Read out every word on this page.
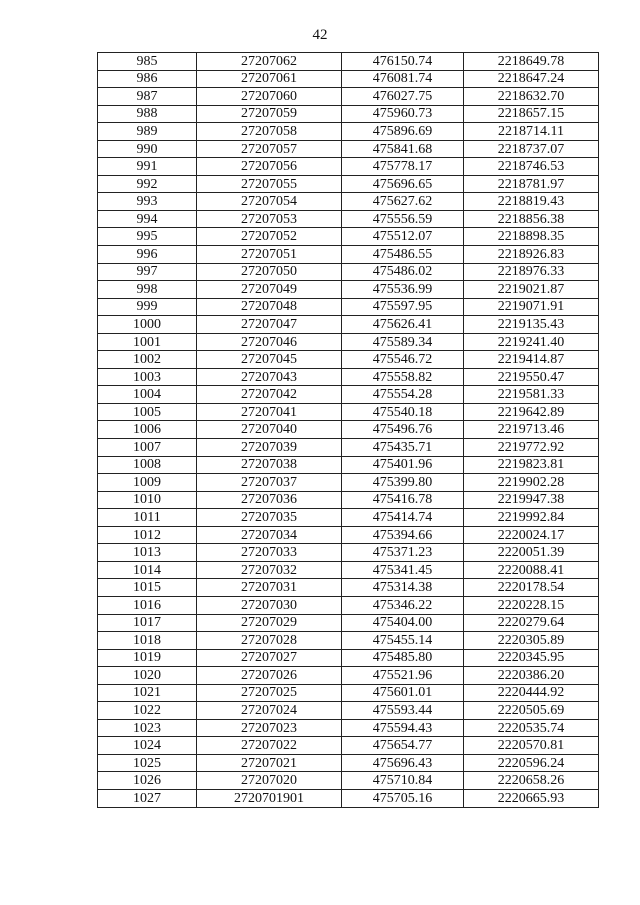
42
985	27207062	476150.74	2218649.78
986	27207061	476081.74	2218647.24
987	27207060	476027.75	2218632.70
988	27207059	475960.73	2218657.15
989	27207058	475896.69	2218714.11
990	27207057	475841.68	2218737.07
991	27207056	475778.17	2218746.53
992	27207055	475696.65	2218781.97
993	27207054	475627.62	2218819.43
994	27207053	475556.59	2218856.38
995	27207052	475512.07	2218898.35
996	27207051	475486.55	2218926.83
997	27207050	475486.02	2218976.33
998	27207049	475536.99	2219021.87
999	27207048	475597.95	2219071.91
1000	27207047	475626.41	2219135.43
1001	27207046	475589.34	2219241.40
1002	27207045	475546.72	2219414.87
1003	27207043	475558.82	2219550.47
1004	27207042	475554.28	2219581.33
1005	27207041	475540.18	2219642.89
1006	27207040	475496.76	2219713.46
1007	27207039	475435.71	2219772.92
1008	27207038	475401.96	2219823.81
1009	27207037	475399.80	2219902.28
1010	27207036	475416.78	2219947.38
1011	27207035	475414.74	2219992.84
1012	27207034	475394.66	2220024.17
1013	27207033	475371.23	2220051.39
1014	27207032	475341.45	2220088.41
1015	27207031	475314.38	2220178.54
1016	27207030	475346.22	2220228.15
1017	27207029	475404.00	2220279.64
1018	27207028	475455.14	2220305.89
1019	27207027	475485.80	2220345.95
1020	27207026	475521.96	2220386.20
1021	27207025	475601.01	2220444.92
1022	27207024	475593.44	2220505.69
1023	27207023	475594.43	2220535.74
1024	27207022	475654.77	2220570.81
1025	27207021	475696.43	2220596.24
1026	27207020	475710.84	2220658.26
1027	2720701901	475705.16	2220665.93
